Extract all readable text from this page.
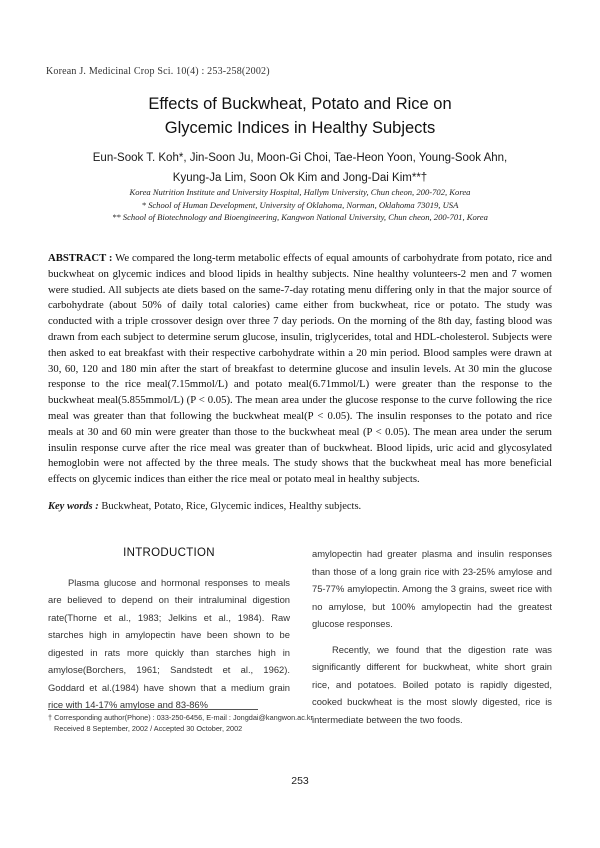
Korean J. Medicinal Crop Sci. 10(4) : 253-258(2002)
Effects of Buckwheat, Potato and Rice on
Glycemic Indices in Healthy Subjects
Eun-Sook T. Koh*, Jin-Soon Ju, Moon-Gi Choi, Tae-Heon Yoon, Young-Sook Ahn,
Kyung-Ja Lim, Soon Ok Kim and Jong-Dai Kim**†
Korea Nutrition Institute and University Hospital, Hallym University, Chun cheon, 200-702, Korea
* School of Human Development, University of Oklahoma, Norman, Oklahoma 73019, USA
** School of Biotechnology and Bioengineering, Kangwon National University, Chun cheon, 200-701, Korea
ABSTRACT : We compared the long-term metabolic effects of equal amounts of carbohydrate from potato, rice and buckwheat on glycemic indices and blood lipids in healthy subjects. Nine healthy volunteers-2 men and 7 women were studied. All subjects ate diets based on the same-7-day rotating menu differing only in that the major source of carbohydrate (about 50% of daily total calories) came either from buckwheat, rice or potato. The study was conducted with a triple crossover design over three 7 day periods. On the morning of the 8th day, fasting blood was drawn from each subject to determine serum glucose, insulin, triglycerides, total and HDL-cholesterol. Subjects were then asked to eat breakfast with their respective carbohydrate within a 20 min period. Blood samples were drawn at 30, 60, 120 and 180 min after the start of breakfast to determine glucose and insulin levels. At 30 min the glucose response to the rice meal(7.15mmol/L) and potato meal(6.71mmol/L) were greater than the response to the buckwheat meal(5.855mmol/L) (P < 0.05). The mean area under the glucose response to the curve following the rice meal was greater than that following the buckwheat meal(P < 0.05). The insulin responses to the potato and rice meals at 30 and 60 min were greater than those to the buckwheat meal (P < 0.05). The mean area under the serum insulin response curve after the rice meal was greater than of buckwheat. Blood lipids, uric acid and glycosylated hemoglobin were not affected by the three meals. The study shows that the buckwheat meal has more beneficial effects on glycemic indices than either the rice meal or potato meal in healthy subjects.
Key words : Buckwheat, Potato, Rice, Glycemic indices, Healthy subjects.
INTRODUCTION

Plasma glucose and hormonal responses to meals are believed to depend on their intraluminal digestion rate(Thorne et al., 1983; Jelkins et al., 1984). Raw starches high in amylopectin have been shown to be digested in rats more quickly than starches high in amylose(Borchers, 1961; Sandstedt et al., 1962). Goddard et al.(1984) have shown that a medium grain rice with 14-17% amylose and 83-86%

amylopectin had greater plasma and insulin responses than those of a long grain rice with 23-25% amylose and 75-77% amylopectin. Among the 3 grains, sweet rice with no amylose, but 100% amylopectin had the greatest glucose responses.

Recently, we found that the digestion rate was significantly different for buckwheat, white short grain rice, and potatoes. Boiled potato is rapidly digested, cooked buckwheat is the most slowly digested, rice is intermediate between the two foods.

† Corresponding author(Phone) : 033-250-6456, E-mail : Jongdai@kangwon.ac.kr
Received 8 September, 2002 / Accepted 30 October, 2002
253
